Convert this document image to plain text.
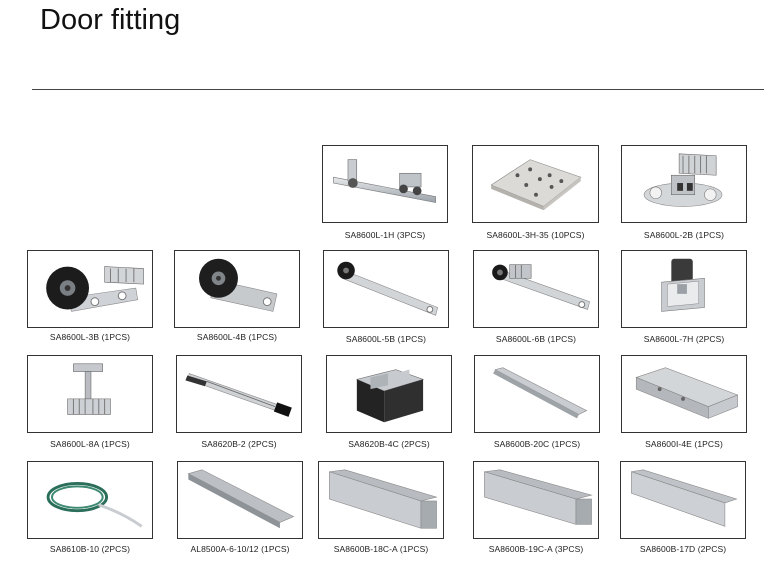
Door fitting
SA8600L-1H (3PCS)	SA8600L-3H-35 (10PCS)	SA8600L-2B (1PCS)
SA8600L-3B (1PCS)	SA8600L-4B (1PCS)	SA8600L-5B (1PCS)	SA8600L-6B (1PCS)	SA8600L-7H (2PCS)
SA8600L-8A (1PCS)	SA8620B-2 (2PCS)	SA8620B-4C (2PCS)	SA8600B-20C (1PCS)	SA8600I-4E (1PCS)
SA8610B-10 (2PCS)	AL8500A-6-10/12 (1PCS)	SA8600B-18C-A (1PCS)	SA8600B-19C-A (3PCS)	SA8600B-17D (2PCS)
